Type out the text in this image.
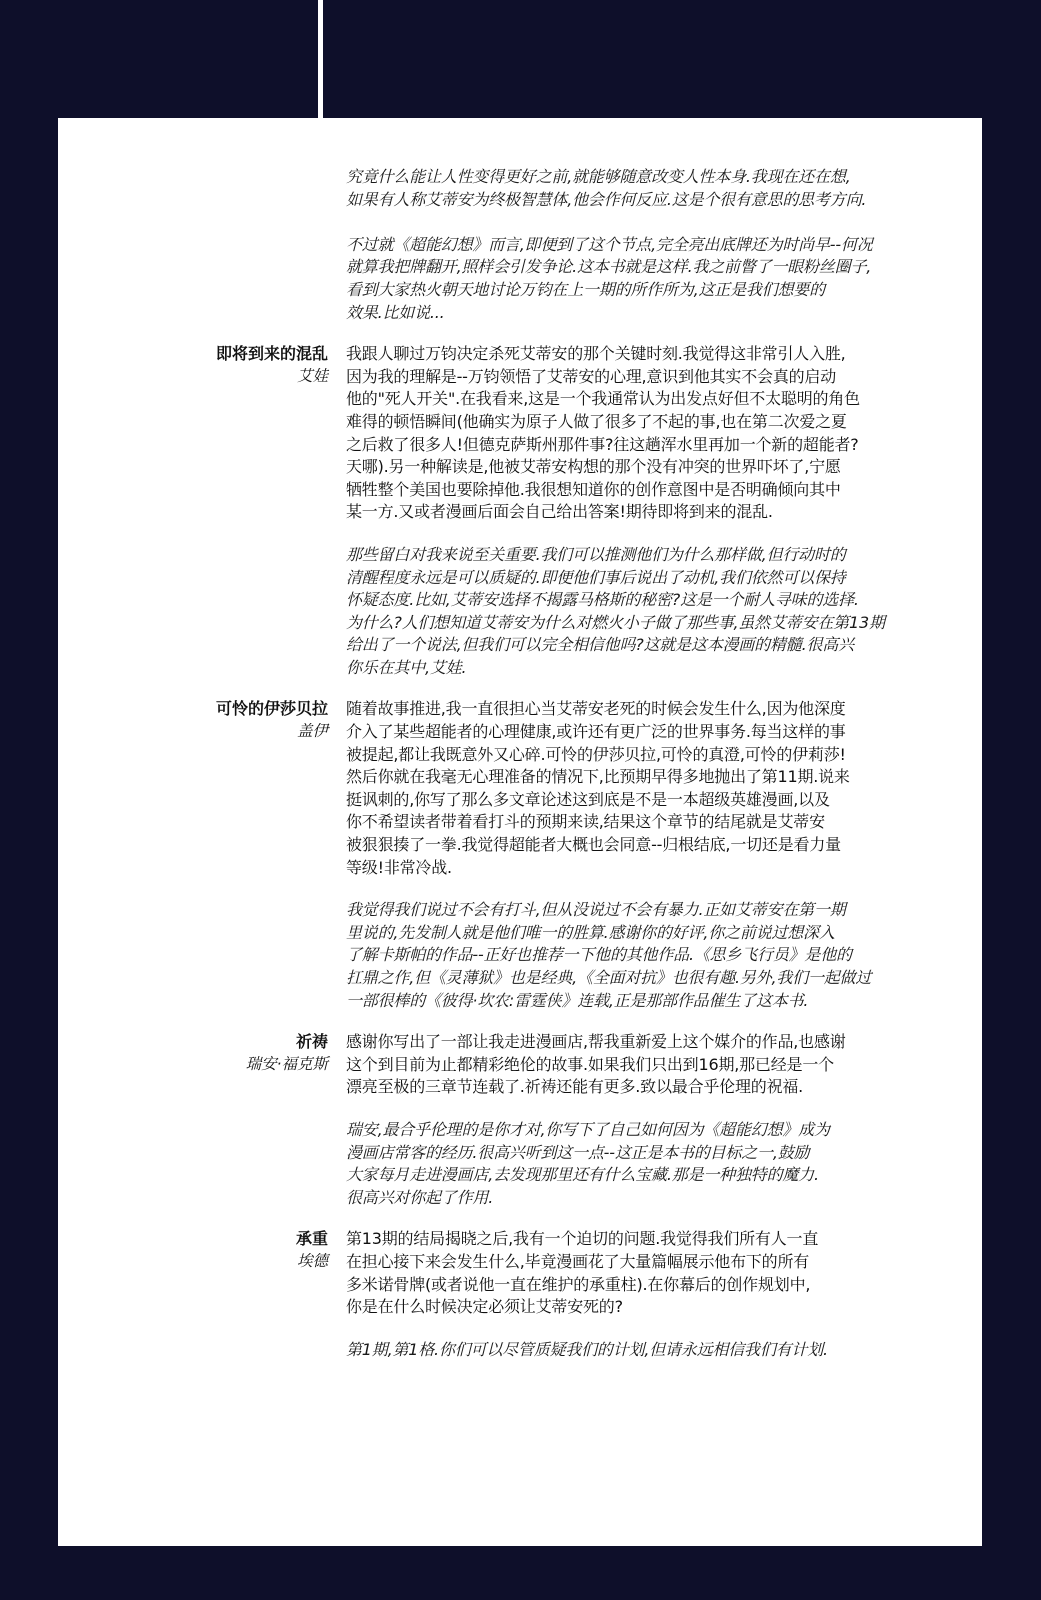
究竟什么能让人性变得更好之前,就能够随意改变人性本身.我现在还在想,
如果有人称艾蒂安为终极智慧体,他会作何反应.这是个很有意思的思考方向.

不过就《超能幻想》而言,即便到了这个节点,完全亮出底牌还为时尚早--何况
就算我把牌翻开,照样会引发争论.这本书就是这样.我之前瞥了一眼粉丝圈子,
看到大家热火朝天地讨论万钧在上一期的所作所为,这正是我们想要的
效果.比如说...
即将到来的混乱
艾娃
我跟人聊过万钧决定杀死艾蒂安的那个关键时刻.我觉得这非常引人入胜,
因为我的理解是--万钧领悟了艾蒂安的心理,意识到他其实不会真的启动
他的"死人开关".在我看来,这是一个我通常认为出发点好但不太聪明的角色
难得的顿悟瞬间(他确实为原子人做了很多了不起的事,也在第二次爱之夏
之后救了很多人!但德克萨斯州那件事?往这趟浑水里再加一个新的超能者?
天哪).另一种解读是,他被艾蒂安构想的那个没有冲突的世界吓坏了,宁愿
牺牲整个美国也要除掉他.我很想知道你的创作意图中是否明确倾向其中
某一方.又或者漫画后面会自己给出答案!期待即将到来的混乱.
那些留白对我来说至关重要.我们可以推测他们为什么那样做,但行动时的
清醒程度永远是可以质疑的.即便他们事后说出了动机,我们依然可以保持
怀疑态度.比如,艾蒂安选择不揭露马格斯的秘密?这是一个耐人寻味的选择.
为什么?人们想知道艾蒂安为什么对燃火小子做了那些事,虽然艾蒂安在第13期
给出了一个说法,但我们可以完全相信他吗?这就是这本漫画的精髓.很高兴
你乐在其中,艾娃.
可怜的伊莎贝拉
盖伊
随着故事推进,我一直很担心当艾蒂安老死的时候会发生什么,因为他深度
介入了某些超能者的心理健康,或许还有更广泛的世界事务.每当这样的事
被提起,都让我既意外又心碎.可怜的伊莎贝拉,可怜的真澄,可怜的伊莉莎!
然后你就在我毫无心理准备的情况下,比预期早得多地抛出了第11期.说来
挺讽刺的,你写了那么多文章论述这到底是不是一本超级英雄漫画,以及
你不希望读者带着看打斗的预期来读,结果这个章节的结尾就是艾蒂安
被狠狠揍了一拳.我觉得超能者大概也会同意--归根结底,一切还是看力量
等级!非常冷战.
我觉得我们说过不会有打斗,但从没说过不会有暴力.正如艾蒂安在第一期
里说的,先发制人就是他们唯一的胜算.感谢你的好评,你之前说过想深入
了解卡斯帕的作品--正好也推荐一下他的其他作品.《思乡飞行员》是他的
扛鼎之作,但《灵薄狱》也是经典,《全面对抗》也很有趣.另外,我们一起做过
一部很棒的《彼得·坎农:雷霆侠》连载,正是那部作品催生了这本书.
祈祷
瑞安·福克斯
感谢你写出了一部让我走进漫画店,帮我重新爱上这个媒介的作品,也感谢
这个到目前为止都精彩绝伦的故事.如果我们只出到16期,那已经是一个
漂亮至极的三章节连载了.祈祷还能有更多.致以最合乎伦理的祝福.
瑞安,最合乎伦理的是你才对,你写下了自己如何因为《超能幻想》成为
漫画店常客的经历.很高兴听到这一点--这正是本书的目标之一,鼓励
大家每月走进漫画店,去发现那里还有什么宝藏.那是一种独特的魔力.
很高兴对你起了作用.
承重
埃德
第13期的结局揭晓之后,我有一个迫切的问题.我觉得我们所有人一直
在担心接下来会发生什么,毕竟漫画花了大量篇幅展示他布下的所有
多米诺骨牌(或者说他一直在维护的承重柱).在你幕后的创作规划中,
你是在什么时候决定必须让艾蒂安死的?
第1期,第1格.你们可以尽管质疑我们的计划,但请永远相信我们有计划.
